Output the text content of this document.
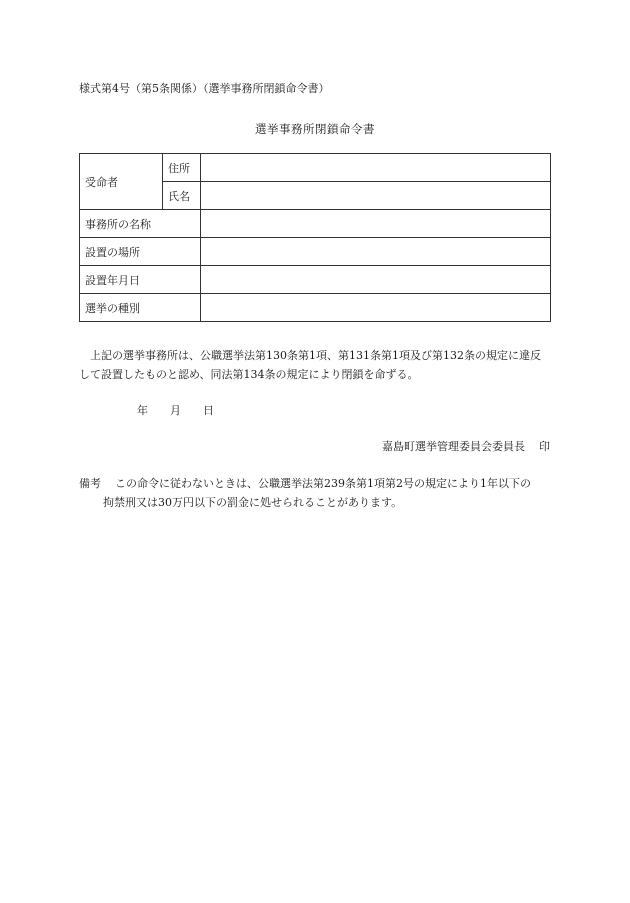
様式第4号（第5条関係）（選挙事務所閉鎖命令書）
選挙事務所閉鎖命令書
受命者	住所	
	氏名	
事務所の名称		
設置の場所		
設置年月日		
選挙の種別		

上記の選挙事務所は、公職選挙法第130条第1項、第131条第1項及び第132条の規定に違反

して設置したものと認め、同法第134条の規定により閉鎖を命ずる。

年 月 日
嘉島町選挙管理委員会委員長 印
備考 この命令に従わないときは、公職選挙法第239条第1項第2号の規定により1年以下の
拘禁刑又は30万円以下の罰金に処せられることがあります。
